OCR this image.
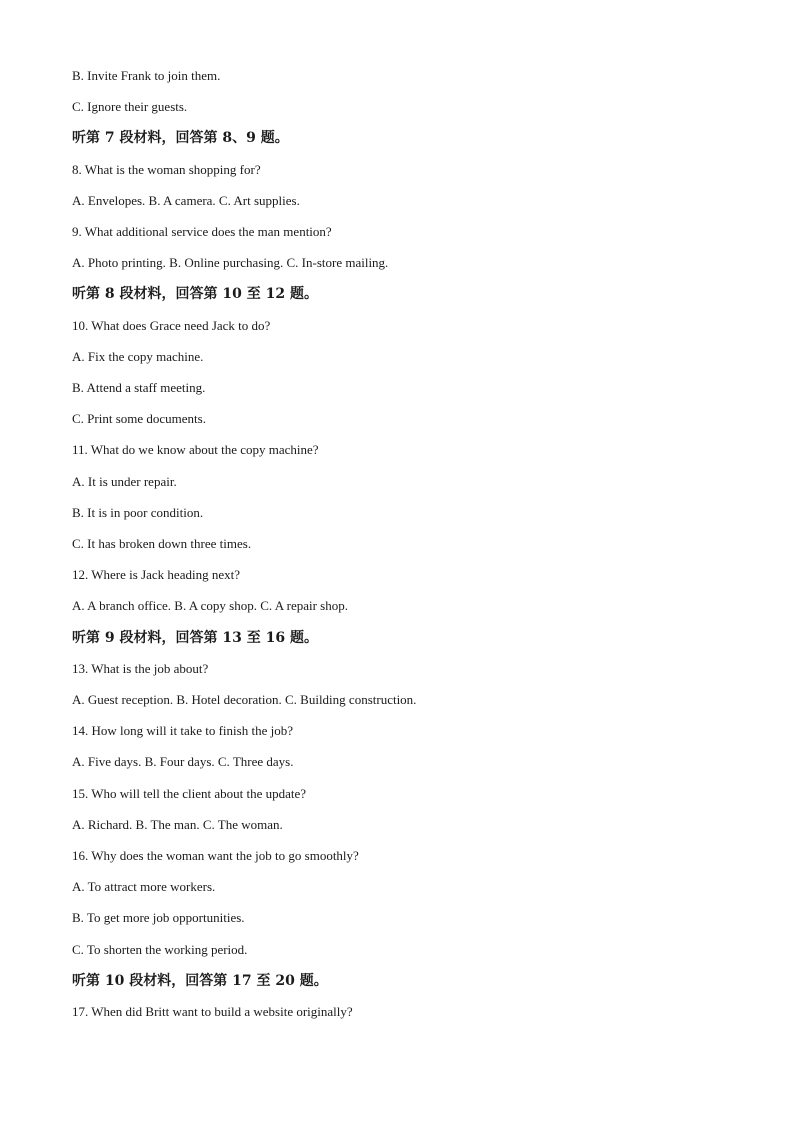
B. Invite Frank to join them.
C. Ignore their guests.
听第 7 段材料，回答第 8、9 题。
8. What is the woman shopping for?
A. Envelopes. B. A camera. C. Art supplies.
9. What additional service does the man mention?
A. Photo printing. B. Online purchasing. C. In-store mailing.
听第 8 段材料，回答第 10 至 12 题。
10. What does Grace need Jack to do?
A. Fix the copy machine.
B. Attend a staff meeting.
C. Print some documents.
11. What do we know about the copy machine?
A. It is under repair.
B. It is in poor condition.
C. It has broken down three times.
12. Where is Jack heading next?
A. A branch office. B. A copy shop. C. A repair shop.
听第 9 段材料，回答第 13 至 16 题。
13. What is the job about?
A. Guest reception. B. Hotel decoration. C. Building construction.
14. How long will it take to finish the job?
A. Five days. B. Four days. C. Three days.
15. Who will tell the client about the update?
A. Richard. B. The man. C. The woman.
16. Why does the woman want the job to go smoothly?
A. To attract more workers.
B. To get more job opportunities.
C. To shorten the working period.
听第 10 段材料，回答第 17 至 20 题。
17. When did Britt want to build a website originally?
